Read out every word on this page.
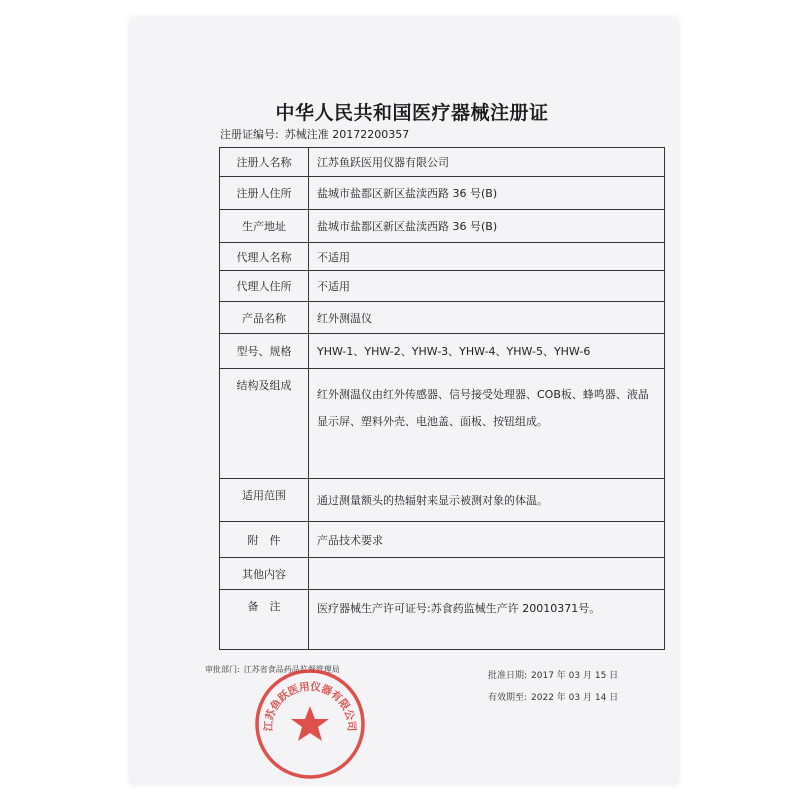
中华人民共和国医疗器械注册证
注册证编号: 苏械注准 20172200357
注册人名称	江苏鱼跃医用仪器有限公司
注册人住所	盐城市盐都区新区盐渎西路 36 号(B)
生产地址	盐城市盐都区新区盐渎西路 36 号(B)
代理人名称	不适用
代理人住所	不适用
产品名称	红外测温仪
型号、规格	YHW-1、YHW-2、YHW-3、YHW-4、YHW-5、YHW-6
结构及组成	红外测温仪由红外传感器、信号接受处理器、COB板、蜂鸣器、液晶显示屏、塑料外壳、电池盖、面板、按钮组成。
适用范围	通过测量额头的热辐射来显示被测对象的体温。
附　件	产品技术要求
其他内容	
备　注	医疗器械生产许可证号:苏食药监械生产许 20010371号。
审批部门: 江苏省食品药品监督管理局
批准日期: 2017 年 03 月 15 日
有效期至: 2022 年 03 月 14 日
江苏鱼跃医用仪器有限公司
